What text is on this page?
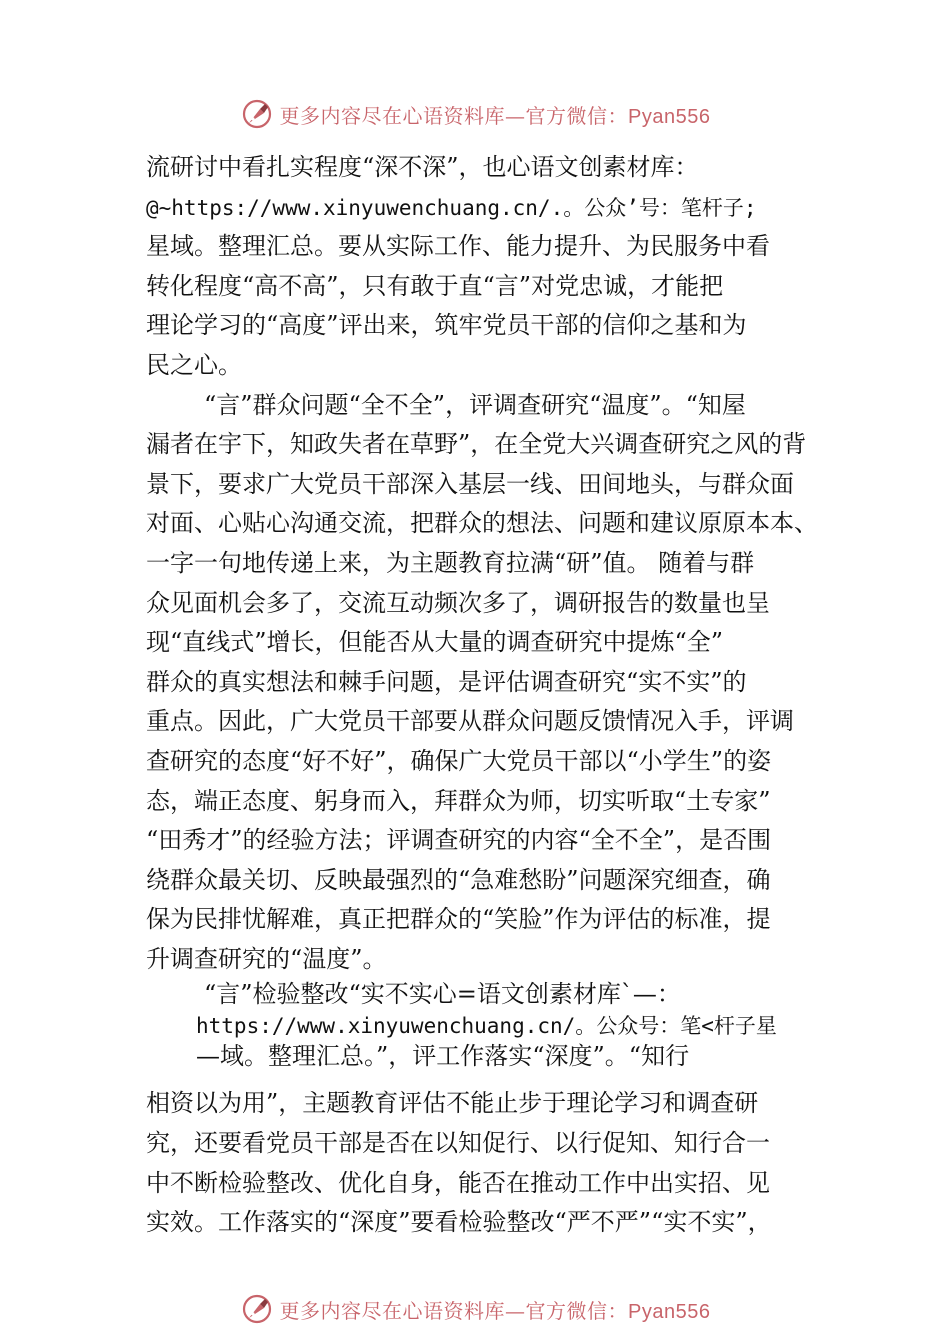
更多内容尽在心语资料库—官方微信：Pyan556
流研讨中看扎实程度“深不深”，也心语文创素材库：
@~https://www.xinyuwenchuang.cn/.。公众’号：笔杆子;
星域。整理汇总。要从实际工作、能力提升、为民服务中看
转化程度“高不高”，只有敢于直“言”对党忠诚，才能把
理论学习的“高度”评出来，筑牢党员干部的信仰之基和为
民之心。
“言”群众问题“全不全”，评调查研究“温度”。“知屋
漏者在宇下，知政失者在草野”，在全党大兴调查研究之风的背
景下，要求广大党员干部深入基层一线、田间地头，与群众面
对面、心贴心沟通交流，把群众的想法、问题和建议原原本本、
一字一句地传递上来，为主题教育拉满“研”值。 随着与群
众见面机会多了，交流互动频次多了，调研报告的数量也呈
现“直线式”增长，但能否从大量的调查研究中提炼“全”
群众的真实想法和棘手问题，是评估调查研究“实不实”的
重点。因此，广大党员干部要从群众问题反馈情况入手，评调
查研究的态度“好不好”，确保广大党员干部以“小学生”的姿
态，端正态度、躬身而入，拜群众为师，切实听取“土专家”
“田秀才”的经验方法；评调查研究的内容“全不全”，是否围
绕群众最关切、反映最强烈的“急难愁盼”问题深究细查，确
保为民排忧解难，真正把群众的“笑脸”作为评估的标准，提
升调查研究的“温度”。
“言”检验整改“实不实心=语文创素材库`—：
https://www.xinyuwenchuang.cn/。公众号：笔<杆子星
—域。整理汇总。”，评工作落实“深度”。“知行
相资以为用”，主题教育评估不能止步于理论学习和调查研
究，还要看党员干部是否在以知促行、以行促知、知行合一
中不断检验整改、优化自身，能否在推动工作中出实招、见
实效。工作落实的“深度”要看检验整改“严不严”“实不实”，
更多内容尽在心语资料库—官方微信：Pyan556
